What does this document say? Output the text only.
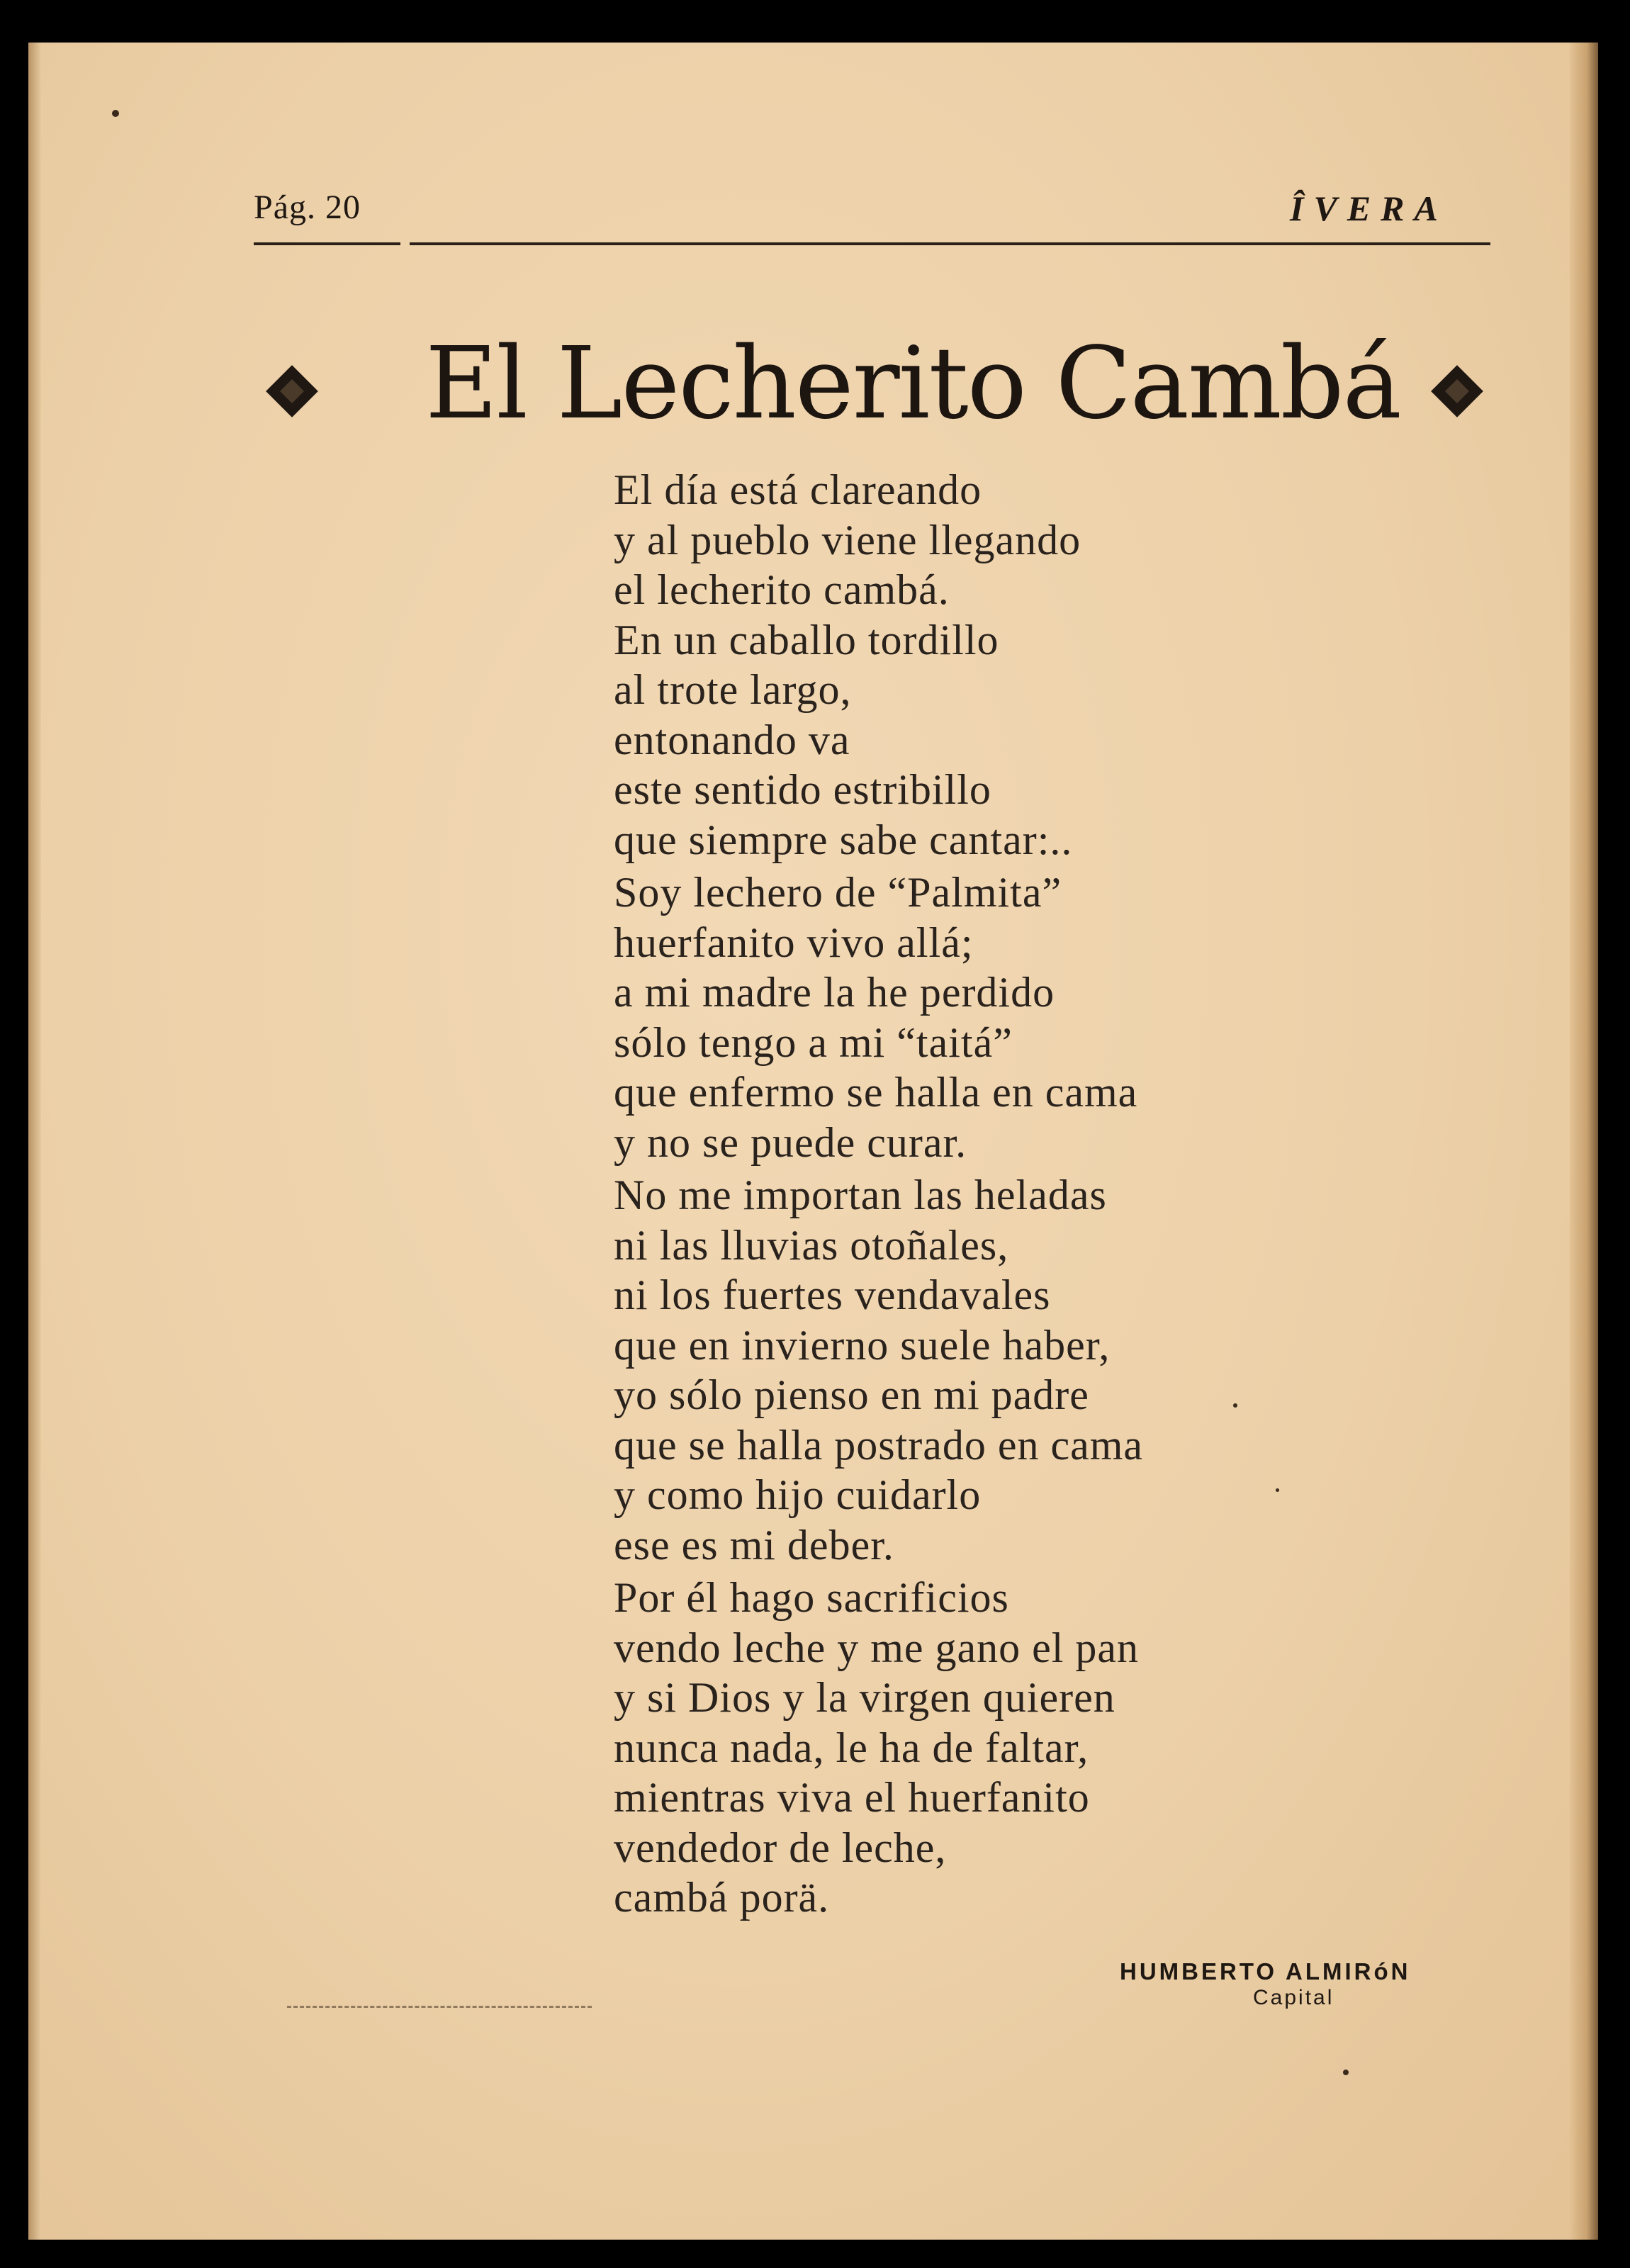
Pág. 20	ÎVERA
El Lecherito Cambá
El día está clareando
y al pueblo viene llegando
el lecherito cambá.
En un caballo tordillo
al trote largo,
entonando va
este sentido estribillo
que siempre sabe cantar:..
Soy lechero de “Palmita”
huerfanito vivo allá;
a mi madre la he perdido
sólo tengo a mi “taitá”
que enfermo se halla en cama
y no se puede curar.
No me importan las heladas
ni las lluvias otoñales,
ni los fuertes vendavales
que en invierno suele haber,
yo sólo pienso en mi padre
que se halla postrado en cama
y como hijo cuidarlo
ese es mi deber.
Por él hago sacrificios
vendo leche y me gano el pan
y si Dios y la virgen quieren
nunca nada, le ha de faltar,
mientras viva el huerfanito
vendedor de leche,
cambá porä.
HUMBERTO ALMIRóN
Capital
